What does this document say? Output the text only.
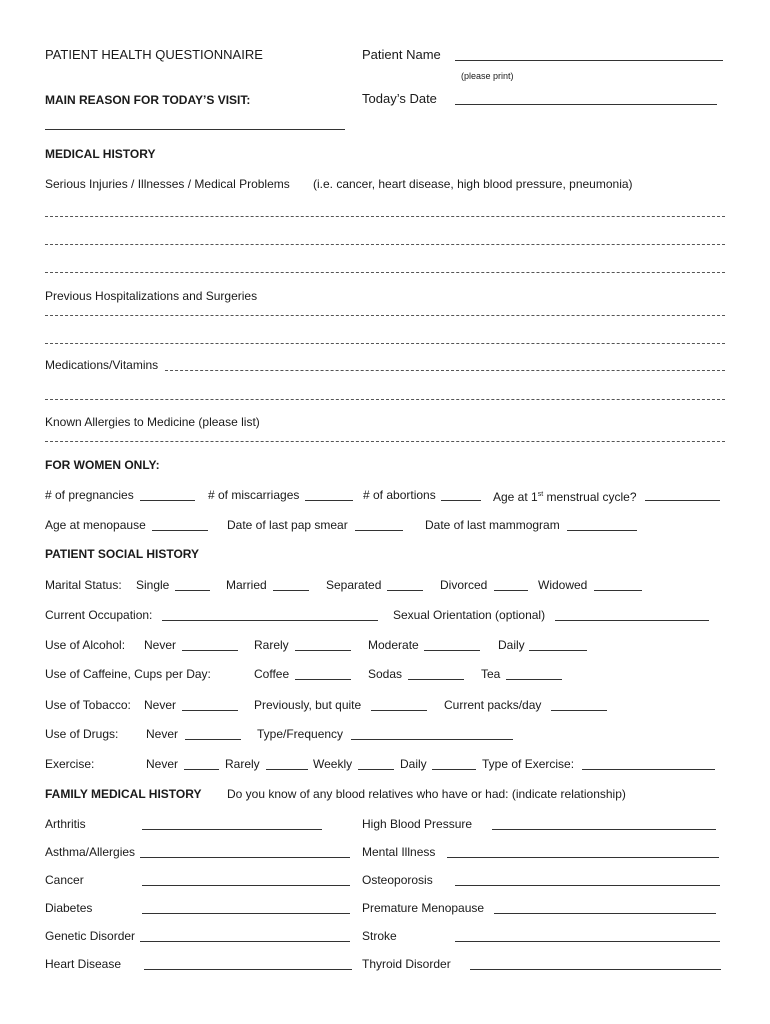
PATIENT HEALTH QUESTIONNAIRE	Patient Name
(please print)
MAIN REASON FOR TODAY’S VISIT:	Today’s Date
MEDICAL HISTORY
Serious Injuries / Illnesses / Medical Problems (i.e. cancer, heart disease, high blood pressure, pneumonia)
Previous Hospitalizations and Surgeries
Medications/Vitamins
Known Allergies to Medicine (please list)
FOR WOMEN ONLY:
# of pregnancies	# of miscarriages	# of abortions	Age at 1st menstrual cycle?
Age at menopause	Date of last pap smear	Date of last mammogram
PATIENT SOCIAL HISTORY
Marital Status: Single	Married	Separated	Divorced	Widowed
Current Occupation:	Sexual Orientation (optional)
Use of Alcohol: Never	Rarely	Moderate	Daily
Use of Caffeine, Cups per Day:	Coffee	Sodas	Tea
Use of Tobacco: Never	Previously, but quite	Current packs/day
Use of Drugs: Never	Type/Frequency
Exercise:	Never	Rarely	Weekly	Daily	Type of Exercise:
FAMILY MEDICAL HISTORY Do you know of any blood relatives who have or had: (indicate relationship)
Arthritis	High Blood Pressure
Asthma/Allergies	Mental Illness
Cancer	Osteoporosis
Diabetes	Premature Menopause
Genetic Disorder	Stroke
Heart Disease	Thyroid Disorder
